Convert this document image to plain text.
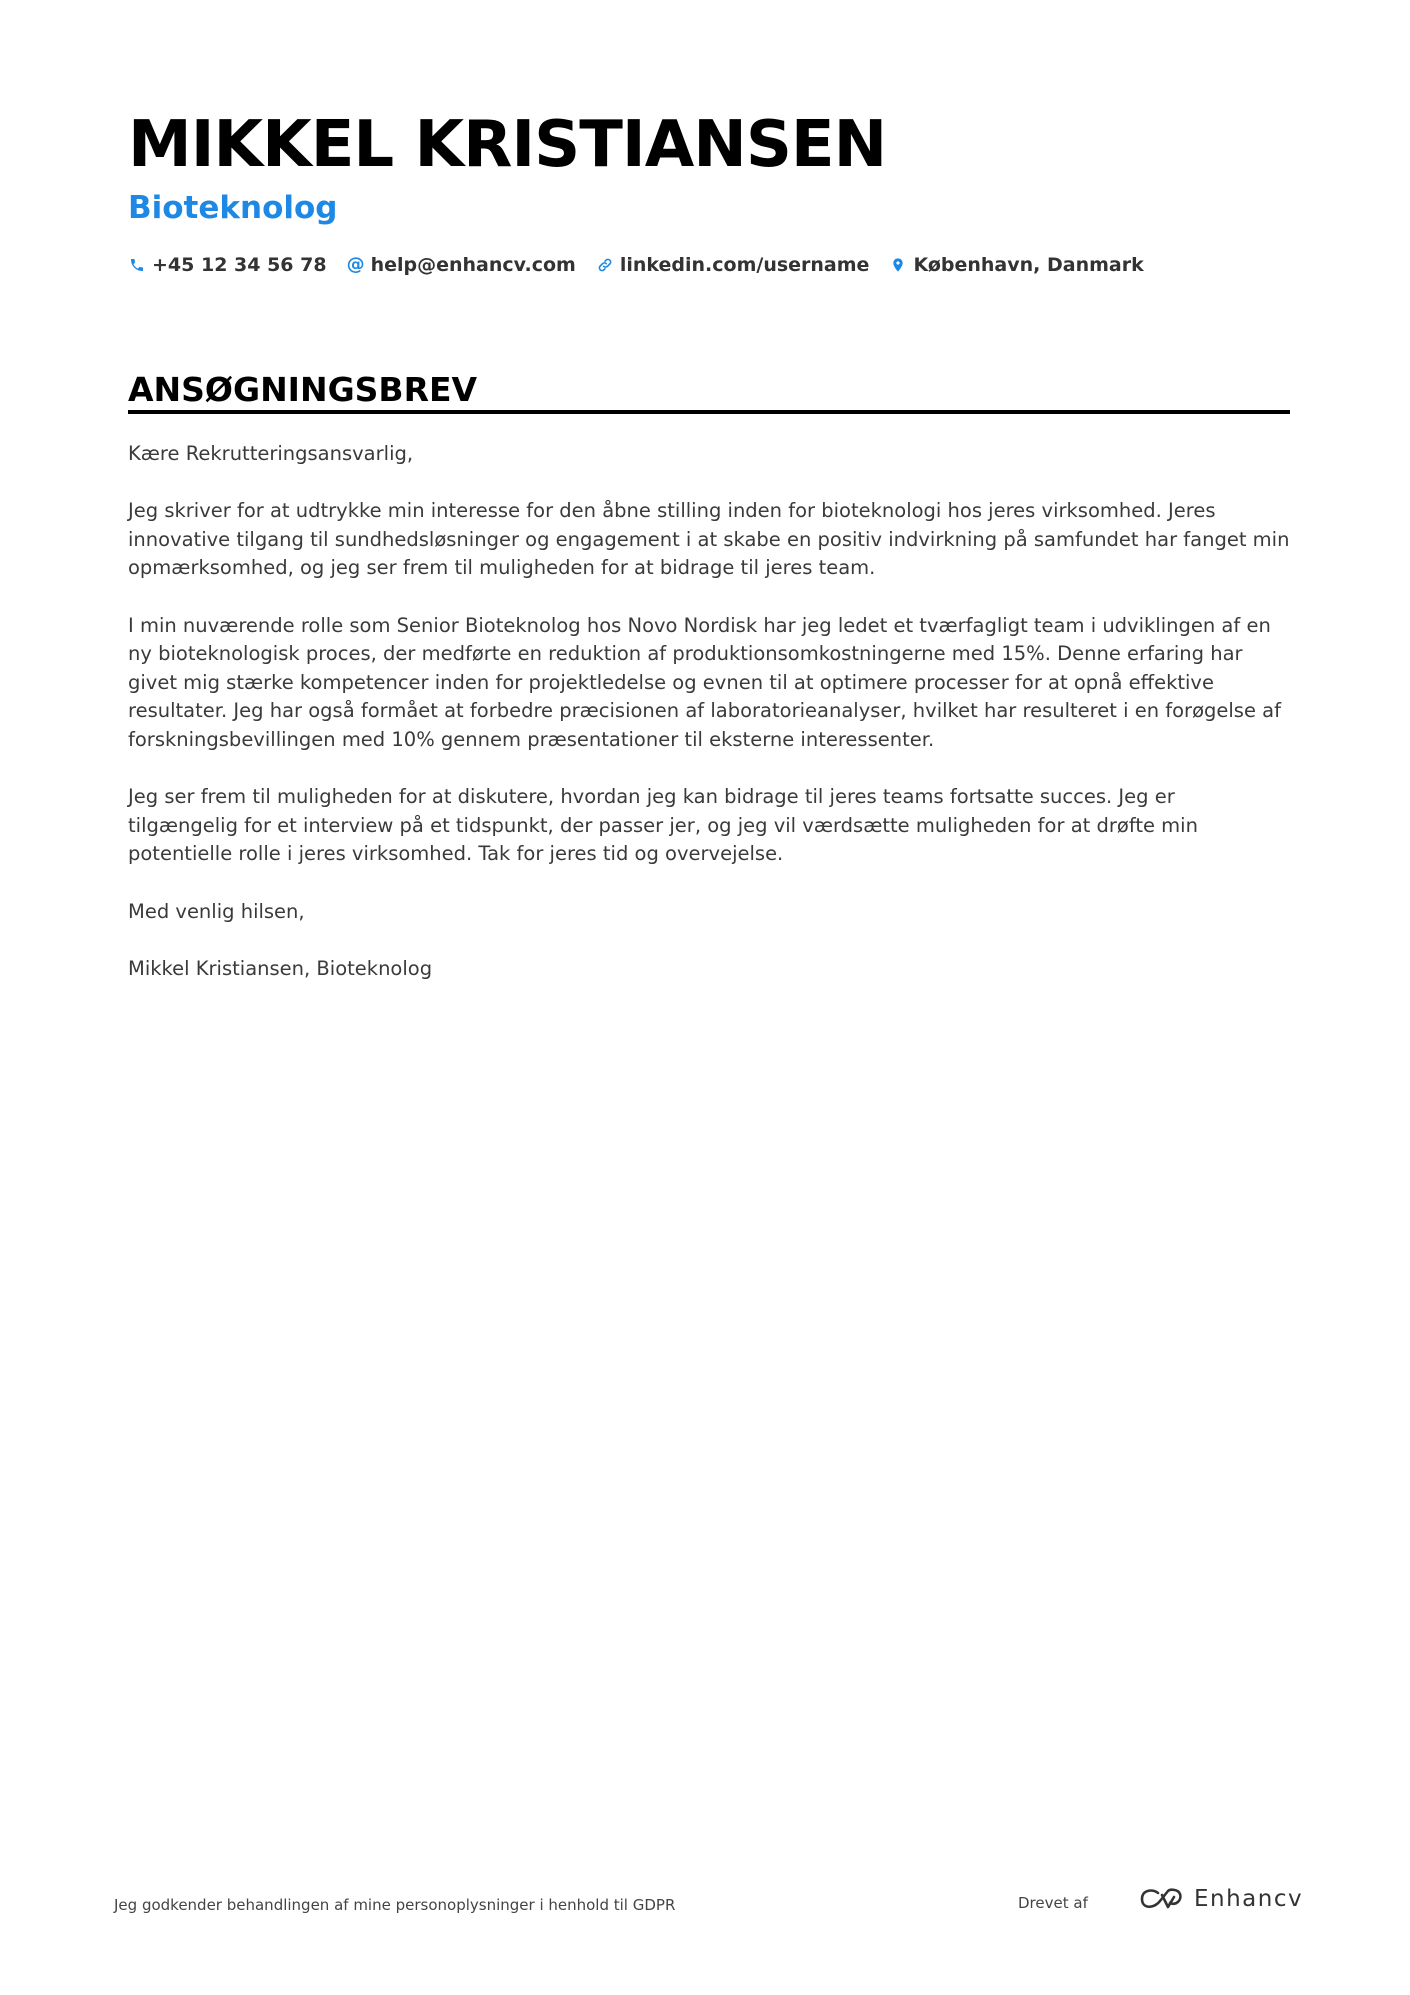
MIKKEL KRISTIANSEN
Bioteknolog
+45 12 34 56 78 @ help@enhancv.com linkedin.com/username København, Danmark
ANSØGNINGSBREV

Kære Rekrutteringsansvarlig,

Jeg skriver for at udtrykke min interesse for den åbne stilling inden for bioteknologi hos jeres virksomhed. Jeres innovative tilgang til sundhedsløsninger og engagement i at skabe en positiv indvirkning på samfundet har fanget min opmærksomhed, og jeg ser frem til muligheden for at bidrage til jeres team.

I min nuværende rolle som Senior Bioteknolog hos Novo Nordisk har jeg ledet et tværfagligt team i udviklingen af en ny bioteknologisk proces, der medførte en reduktion af produktionsomkostningerne med 15%. Denne erfaring har givet mig stærke kompetencer inden for projektledelse og evnen til at optimere processer for at opnå effektive resultater. Jeg har også formået at forbedre præcisionen af laboratorieanalyser, hvilket har resulteret i en forøgelse af forskningsbevillingen med 10% gennem præsentationer til eksterne interessenter.

Jeg ser frem til muligheden for at diskutere, hvordan jeg kan bidrage til jeres teams fortsatte succes. Jeg er tilgængelig for et interview på et tidspunkt, der passer jer, og jeg vil værdsætte muligheden for at drøfte min potentielle rolle i jeres virksomhed. Tak for jeres tid og overvejelse.

Med venlig hilsen,

Mikkel Kristiansen, Bioteknolog

Jeg godkender behandlingen af mine personoplysninger i henhold til GDPR	Drevet af	Enhancv
